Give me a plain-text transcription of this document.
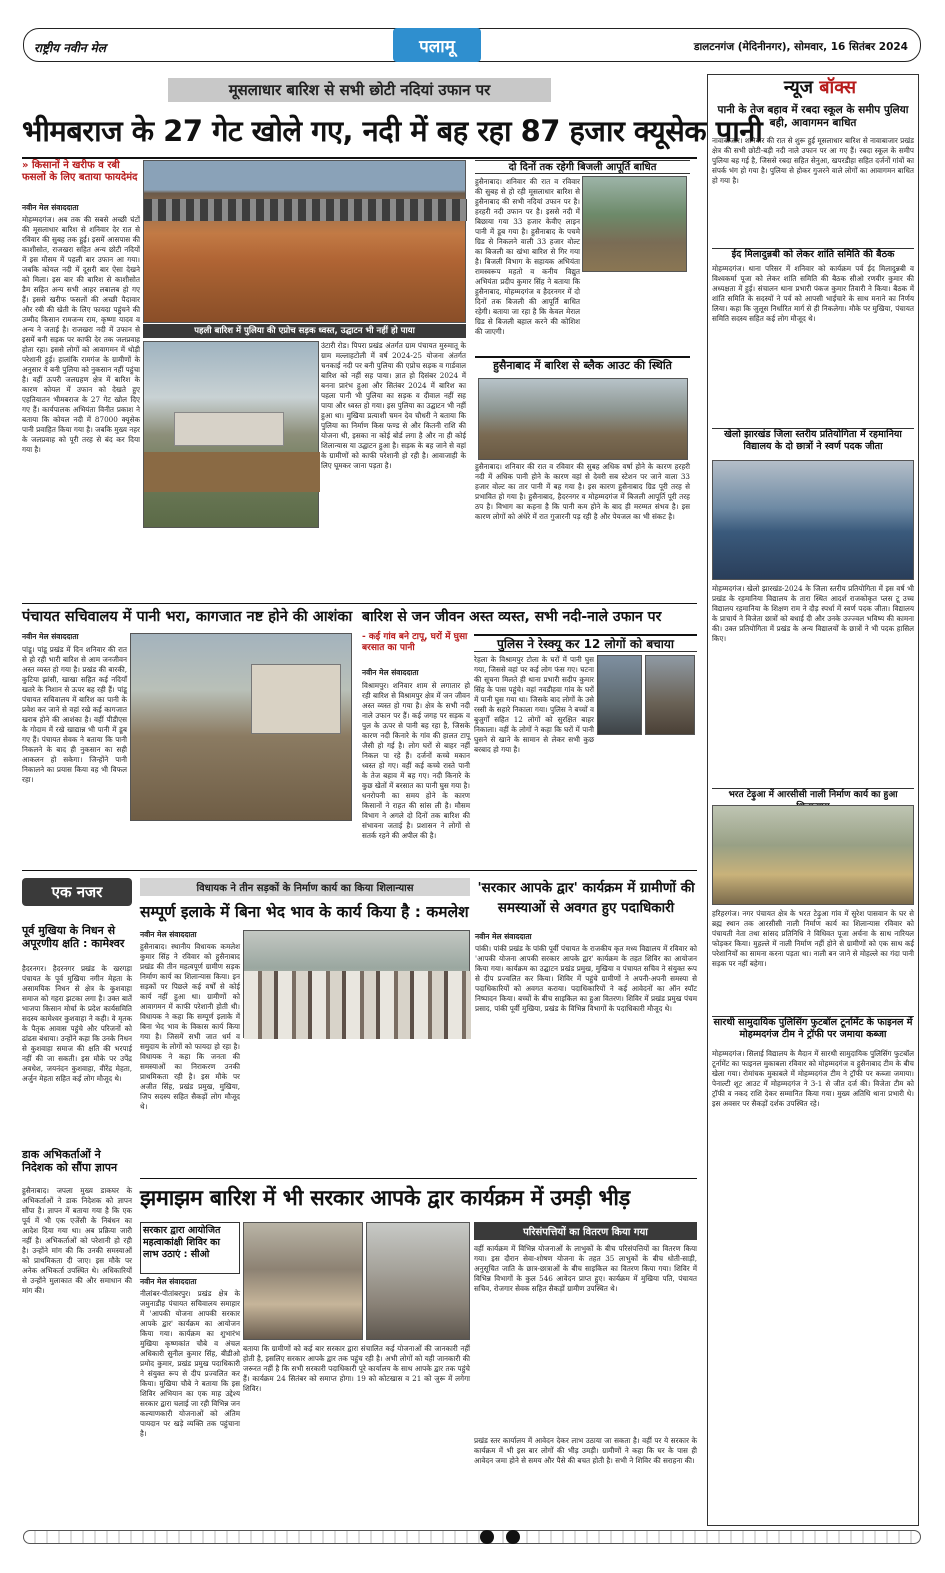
राष्ट्रीय नवीन मेल	पलामू	डालटनगंज (मेदिनीनगर), सोमवार, 16 सितंबर 2024
मूसलाधार बारिश से सभी छोटी नदियां उफान पर
भीमबराज के 27 गेट खोले गए, नदी में बह रहा 87 हजार क्यूसेक पानी
» किसानों ने खरीफ व रबी फसलों के लिए बताया फायदेमंद
नवीन मेल संवाददाता
मोहम्मदगंज। अब तक की सबसे अच्छी घंटों की मूसलाधार बारिश से शनिवार देर रात से रविवार की सुबह तक हुई। इसमें आसपास की काशीसोत, राजखरा सहित अन्य छोटी नदियों में इस मौसम में पहली बार उफान आ गया। जबकि कोयल नदी में दूसरी बार ऐसा देखने को मिला। इस बार की बारिश से काशीसोत डैम सहित अन्य सभी आहर लबालब हो गए हैं। इससे खरीफ फसलों की अच्छी पैदावार और रबी की खेती के लिए फायदा पहुंचने की उम्मीद किसान रामजन्म राम, कृष्णा यादव व अन्य ने जताई है। राजखरा नदी में उफान से इसमें बनी सड़क पर काफी देर तक जलप्रवाह होता रहा। इससे लोगों को आवागमन में थोड़ी परेशानी हुई। हालांकि रामगंज के ग्रामीणों के अनुसार ये बनी पुलिया को नुकसान नहीं पहुंचा है। वहीं ऊपरी जलग्रहण क्षेत्र में बारिश के कारण कोयल में उफान को देखते हुए एहतियातन भीमबराज के 27 गेट खोल दिए गए हैं। कार्यपालक अभियंता विनीत प्रकाश ने बताया कि कोयल नदी में 87000 क्यूसेक पानी प्रवाहित किया गया है। जबकि मुख्य नहर के जलप्रवाह को पूरी तरह से बंद कर दिया गया है।
पहली बारिश में पुलिया की एप्रोच सड़क ध्वस्त, उद्घाटन भी नहीं हो पाया
उंटारी रोड। पिपरा प्रखंड अंतर्गत ग्राम पंचायत मुरुमातू के ग्राम मल्लाहटोली में वर्ष 2024-25 योजना अंतर्गत चनकाई नदी पर बनी पुलिया की एप्रोच सड़क व गार्डवाल बारिश को नहीं सह पाया। ज्ञात हो दिसंबर 2024 में बनना प्रारंभ हुआ और सितंबर 2024 में बारिश का पहला पानी भी पुलिया का सड़क व दीवाल नहीं सह पाया और ध्वस्त हो गया। इस पुलिया का उद्घाटन भी नहीं हुआ था। मुखिया प्रत्याशी चमन देव चौधरी ने बताया कि पुलिया का निर्माण किस फण्ड से और कितनी राशि की योजना थी, इसका ना कोई बोर्ड लगा है और ना ही कोई शिलान्यास या उद्घाटन हुआ है। सड़क के बह जाने से वहां के ग्रामीणों को काफी परेशानी हो रही है। आवाजाही के लिए घूमकर जाना पड़ता है।
दो दिनों तक रहेगी बिजली आपूर्ति बाधित
हुसैनाबाद। शनिवार की रात व रविवार की सुबह से हो रही मूसलाधार बारिश से हुसैनाबाद की सभी नदियां उफान पर है। हरहरी नदी उफान पर है। इससे नदी में बिछाया गया 33 हजार केवीए लाइन पानी में डूब गया है। हुसैनाबाद के पचमे ग्रिड से निकलने वाली 33 हजार वोल्ट का बिजली का खंभा बारिश से गिर गया है। बिजली विभाग के सहायक अभियंता रामस्वरूप महतो व कनीय विद्युत अभियंता प्रदीप कुमार सिंह ने बताया कि हुसैनाबाद, मोहम्मदगंज व हैदरनगर में दो दिनों तक बिजली की आपूर्ति बाधित रहेगी। बताया जा रहा है कि केवल मेराल ग्रिड से बिजली बहाल करने की कोशिश की जाएगी।
हुसैनाबाद में बारिश से ब्लैक आउट की स्थिति
हुसैनाबाद। शनिवार की रात व रविवार की सुबह अधिक वर्षा होने के कारण हरहरी नदी में अधिक पानी होने के कारण वहां से देवरी सब स्टेशन पर जाने वाला 33 हजार वोल्ट का तार पानी में बह गया है। इस कारण हुसैनाबाद ग्रिड पूरी तरह से प्रभावित हो गया है। हुसैनाबाद, हैदरनगर व मोहम्मदगंज में बिजली आपूर्ति पूरी तरह ठप है। विभाग का कहना है कि पानी कम होने के बाद ही मरम्मत संभव है। इस कारण लोगों को अंधेरे में रात गुजारनी पड़ रही है और पेयजल का भी संकट है।
पंचायत सचिवालय में पानी भरा, कागजात नष्ट होने की आशंका
नवीन मेल संवाददाता
पांडू। पांडू प्रखंड में दिन शनिवार की रात से हो रही भारी बारिश से आम जनजीवन अस्त व्यस्त हो गया है। प्रखंड की बारकी, कुटिया झांसी, खाखा सहित कई नदियाँ खतरे के निशान से ऊपर बह रही हैं। पांडू पंचायत सचिवालय में बारिश का पानी के प्रवेश कर जाने से वहां रखे कई कागजात खराब होने की आशंका है। वहीं पीडीएस के गोदाम में रखे खाद्यान्न भी पानी में डूब गए हैं। पंचायत सेवक ने बताया कि पानी निकलने के बाद ही नुकसान का सही आकलन हो सकेगा। जिन्होंने पानी निकालने का प्रयास किया वह भी विफल रहा।
बारिश से जन जीवन अस्त व्यस्त, सभी नदी-नाले उफान पर
- कई गांव बने टापू, घरों में घुसा बरसात का पानी
नवीन मेल संवाददाता
विश्रामपुर। शनिवार शाम से लगातार हो रही बारिश से विश्रामपुर क्षेत्र में जन जीवन अस्त व्यस्त हो गया है। क्षेत्र के सभी नदी नाले उफान पर हैं। कई जगह पर सड़क व पुल के ऊपर से पानी बह रहा है, जिसके कारण नदी किनारे के गांव की हालत टापू जैसी हो गई है। लोग घरों से बाहर नहीं निकल पा रहे हैं। दर्जनों कच्चे मकान ध्वस्त हो गए। वहीं कई कच्चे रास्ते पानी के तेज बहाव में बह गए। नदी किनारे के कुछ खेतों में बरसात का पानी घुस गया है। धनरोपनी का समय होने के कारण किसानों ने राहत की सांस ली है। मौसम विभाग ने अगले दो दिनों तक बारिश की संभावना जताई है। प्रशासन ने लोगों से सतर्क रहने की अपील की है।
पुलिस ने रेस्क्यू कर 12 लोगों को बचाया
रेहला के विश्रामपुर टोला के घरों में पानी घुस गया, जिससे वहां पर कई लोग फंस गए। घटना की सूचना मिलते ही थाना प्रभारी सदीप कुमार सिंह के पास पहुंचे। वहां नवडीहवा गांव के घरों में पानी घुस गया था। जिसके बाद लोगों के उसे रस्सी के सहारे निकाला गया। पुलिस ने बच्चों व बुजुर्गों सहित 12 लोगों को सुरक्षित बाहर निकाला। वहीं के लोगों ने कहा कि घरों में पानी घुसने से खाने के सामान से लेकर सभी कुछ बरबाद हो गया है।
एक नजर
पूर्व मुखिया के निधन से अपूरणीय क्षति : कामेश्वर
हैदरनगर। हैदरनगर प्रखंड के खरगड़ा पंचायत के पूर्व मुखिया नगीन मेहता के असामयिक निधन से क्षेत्र के कुशवाहा समाज को गहरा झटका लगा है। उक्त बातें भाजपा किसान मोर्चा के प्रदेश कार्यसमिति सदस्य कामेश्वर कुशवाहा ने कही। वे मृतक के पैतृक आवास पहुंचे और परिजनों को ढांढस बंधाया। उन्होंने कहा कि उनके निधन से कुशवाहा समाज की क्षति की भरपाई नहीं की जा सकती। इस मौके पर उपेंद्र अवधेश, जयनंदन कुशवाहा, वीरेंद्र मेहता, अर्जुन मेहता सहित कई लोग मौजूद थे।
डाक अभिकर्ताओं ने निदेशक को सौंपा ज्ञापन
हुसैनाबाद। जपला मुख्य डाकघर के अभिकर्ताओं ने डाक निदेशक को ज्ञापन सौंपा है। ज्ञापन में बताया गया है कि एक पूर्व में भी एक एजेंसी के निबंधन का आदेश दिया गया था। अब प्रक्रिया जारी नहीं है। अभिकर्ताओं को परेशानी हो रही है। उन्होंने मांग की कि उनकी समस्याओं को प्राथमिकता दी जाए। इस मौके पर अनेक अभिकर्ता उपस्थित थे। अधिकारियों से उन्होंने मुलाकात की और समाधान की मांग की।
विधायक ने तीन सड़कों के निर्माण कार्य का किया शिलान्यास
सम्पूर्ण इलाके में बिना भेद भाव के कार्य किया है : कमलेश
नवीन मेल संवाददाता
हुसैनाबाद। स्थानीय विधायक कमलेश कुमार सिंह ने रविवार को हुसैनाबाद प्रखंड की तीन महत्वपूर्ण ग्रामीण सड़क निर्माण कार्य का शिलान्यास किया। इन सड़कों पर पिछले कई वर्षों से कोई कार्य नहीं हुआ था। ग्रामीणों को आवागमन में काफी परेशानी होती थी। विधायक ने कहा कि सम्पूर्ण इलाके में बिना भेद भाव के विकास कार्य किया गया है। जिसमें सभी जात धर्म व समुदाय के लोगों को फायदा हो रहा है। विधायक ने कहा कि जनता की समस्याओं का निराकरण उनकी प्राथमिकता रही है। इस मौके पर अजीत सिंह, प्रखंड प्रमुख, मुखिया, जिप सदस्य सहित सैकड़ों लोग मौजूद थे।
'सरकार आपके द्वार' कार्यक्रम में ग्रामीणों की समस्याओं से अवगत हुए पदाधिकारी
नवीन मेल संवाददाता
पांकी। पांकी प्रखंड के पांकी पूर्वी पंचायत के राजकीय कृत मध्य विद्यालय में रविवार को 'आपकी योजना आपकी सरकार आपके द्वार' कार्यक्रम के तहत शिविर का आयोजन किया गया। कार्यक्रम का उद्घाटन प्रखंड प्रमुख, मुखिया व पंचायत सचिव ने संयुक्त रूप से दीप प्रज्वलित कर किया। शिविर में पहुंचे ग्रामीणों ने अपनी-अपनी समस्या से पदाधिकारियों को अवगत कराया। पदाधिकारियों ने कई आवेदनों का ऑन स्पॉट निष्पादन किया। बच्चों के बीच साइकिल का हुआ वितरण। शिविर में प्रखंड प्रमुख पंचम प्रसाद, पांकी पूर्वी मुखिया, प्रखंड के विभिन्न विभागों के पदाधिकारी मौजूद थे।
झमाझम बारिश में भी सरकार आपके द्वार कार्यक्रम में उमड़ी भीड़
सरकार द्वारा आयोजित महत्वाकांक्षी शिविर का लाभ उठाएं : सीओ
नवीन मेल संवाददाता
नीलांबर-पीतांबरपुर। प्रखंड क्षेत्र के जमुनाडीह पंचायत सचिवालय समाहार में 'आपकी योजना आपकी सरकार आपके द्वार' कार्यक्रम का आयोजन किया गया। कार्यक्रम का शुभारंभ मुखिया कृष्णकांत चौबे व अंचल अधिकारी सुनील कुमार सिंह, बीडीओ प्रमोद कुमार, प्रखंड प्रमुख पदाधिकारी ने संयुक्त रूप से दीप प्रज्वलित कर किया। मुखिया चौबे ने बताया कि इस शिविर अभियान का एक माह उद्देश्य सरकार द्वारा चलाई जा रही विभिन्न जन कल्याणकारी योजनाओं को अंतिम पायदान पर खड़े व्यक्ति तक पहुंचाना है।
बताया कि ग्रामीणों को कई बार सरकार द्वारा संचालित कई योजनाओं की जानकारी नहीं होती है, इसलिए सरकार आपके द्वार तक पहुंच रही है। अभी लोगों को यही जानकारी की जरूरत नहीं है कि सभी सरकारी पदाधिकारी पूरे कार्यालय के साथ आपके द्वार तक पहुंचे हैं। कार्यक्रम 24 सितंबर को समाप्त होगा। 19 को कोटखास व 21 को जुरू में लगेगा शिविर।
परिसंपत्तियों का वितरण किया गया
वहीं कार्यक्रम में विभिन्न योजनाओं के लाभुकों के बीच परिसंपत्तियों का वितरण किया गया। इस दौरान सेवा-शोषण योजना के तहत 35 लाभुकों के बीच धोती-साड़ी, अनुसूचित जाति के छात्र-छात्राओं के बीच साइकिल का वितरण किया गया। शिविर में विभिन्न विभागों के कुल 546 आवेदन प्राप्त हुए। कार्यक्रम में मुखिया पति, पंचायत सचिव, रोजगार सेवक सहित सैकड़ों ग्रामीण उपस्थित थे।
प्रखंड स्तर कार्यालय में आवेदन देकर लाभ उठाया जा सकता है। वहीं पर ये सरकार के कार्यक्रम में भी इस बार लोगों की भीड़ उमड़ी। ग्रामीणों ने कहा कि घर के पास ही आवेदन जमा होने से समय और पैसे की बचत होती है। सभी ने शिविर की सराहना की।
न्यूज बॉक्स
पानी के तेज बहाव में रबदा स्कूल के समीप पुलिया बही, आवागमन बाधित
नावाबाजार। शनिवार की रात से शुरू हुई मूसलाधार बारिश से नावाबाजार प्रखंड क्षेत्र की सभी छोटी-बड़ी नदी नाले उफान पर आ गए हैं। रबदा स्कूल के समीप पुलिया बह गई है, जिससे रबदा सहित सेनुआ, खपरडीहा सहित दर्जनों गांवों का संपर्क भंग हो गया है। पुलिया से होकर गुजरने वाले लोगों का आवागमन बाधित हो गया है।
ईद मिलादुन्नबी को लेकर शांति समिति की बैठक
मोहम्मदगंज। थाना परिसर में शनिवार को कार्यक्रम पर्व ईद मिलादुन्नबी व विश्वकर्मा पूजा को लेकर शांति समिति की बैठक सीओ रणवीर कुमार की अध्यक्षता में हुई। संचालन थाना प्रभारी पंकज कुमार तिवारी ने किया। बैठक में शांति समिति के सदस्यों ने पर्व को आपसी भाईचारे के साथ मनाने का निर्णय लिया। कहा कि जुलूस निर्धारित मार्ग से ही निकलेगा। मौके पर मुखिया, पंचायत समिति सदस्य सहित कई लोग मौजूद थे।
खेलो झारखंड जिला स्तरीय प्रतियोगिता में रहमानिया विद्यालय के दो छात्रों ने स्वर्ण पदक जीता
मोहम्मदगंज। खेलो झारखंड-2024 के जिला स्तरीय प्रतियोगिता में इस वर्ष भी प्रखंड के रहमानिया विद्यालय के तारा स्थित आदर्श राजकोकृत प्लस टू उच्च विद्यालय रहमानिया के शिक्षण राम ने दौड़ स्पर्धा में स्वर्ण पदक जीता। विद्यालय के प्राचार्य ने विजेता छात्रों को बधाई दी और उनके उज्ज्वल भविष्य की कामना की। उक्त प्रतियोगिता में प्रखंड के अन्य विद्यालयों के छात्रों ने भी पदक हासिल किए।
भरत टेढ़ुआ में आरसीसी नाली निर्माण कार्य का हुआ
हरिहरगंज। नगर पंचायत क्षेत्र के भरत टेढ़ुआ गांव में सुरेश पासवान के घर से ब्रह्म स्थान तक आरसीसी नाली निर्माण कार्य का शिलान्यास रविवार को पंचायती नेता तथा सांसद प्रतिनिधि ने विधिवत पूजा अर्चना के साथ नारियल फोड़कर किया। मुहल्ले में नाली निर्माण नहीं होने से ग्रामीणों को एक साथ कई परेशानियों का सामना करना पड़ता था। नाली बन जाने से मोहल्ले का गंदा पानी सड़क पर नहीं बहेगा।
सारथी सामुदायिक पुलिसिंग फुटबॉल टूर्नामेंट के फाइनल में मोहम्मदगंज टीम ने ट्रॉफी पर जमाया कब्जा
मोहम्मदगंज। सिलाई विद्यालय के मैदान में सारथी सामुदायिक पुलिसिंग फुटबॉल टूर्नामेंट का फाइनल मुकाबला रविवार को मोहम्मदगंज व हुसैनाबाद टीम के बीच खेला गया। रोमांचक मुकाबले में मोहम्मदगंज टीम ने ट्रॉफी पर कब्जा जमाया। पेनाल्टी शूट आउट में मोहम्मदगंज ने 3-1 से जीत दर्ज की। विजेता टीम को ट्रॉफी व नकद राशि देकर सम्मानित किया गया। मुख्य अतिथि थाना प्रभारी थे। इस अवसर पर सैकड़ों दर्शक उपस्थित रहे।
